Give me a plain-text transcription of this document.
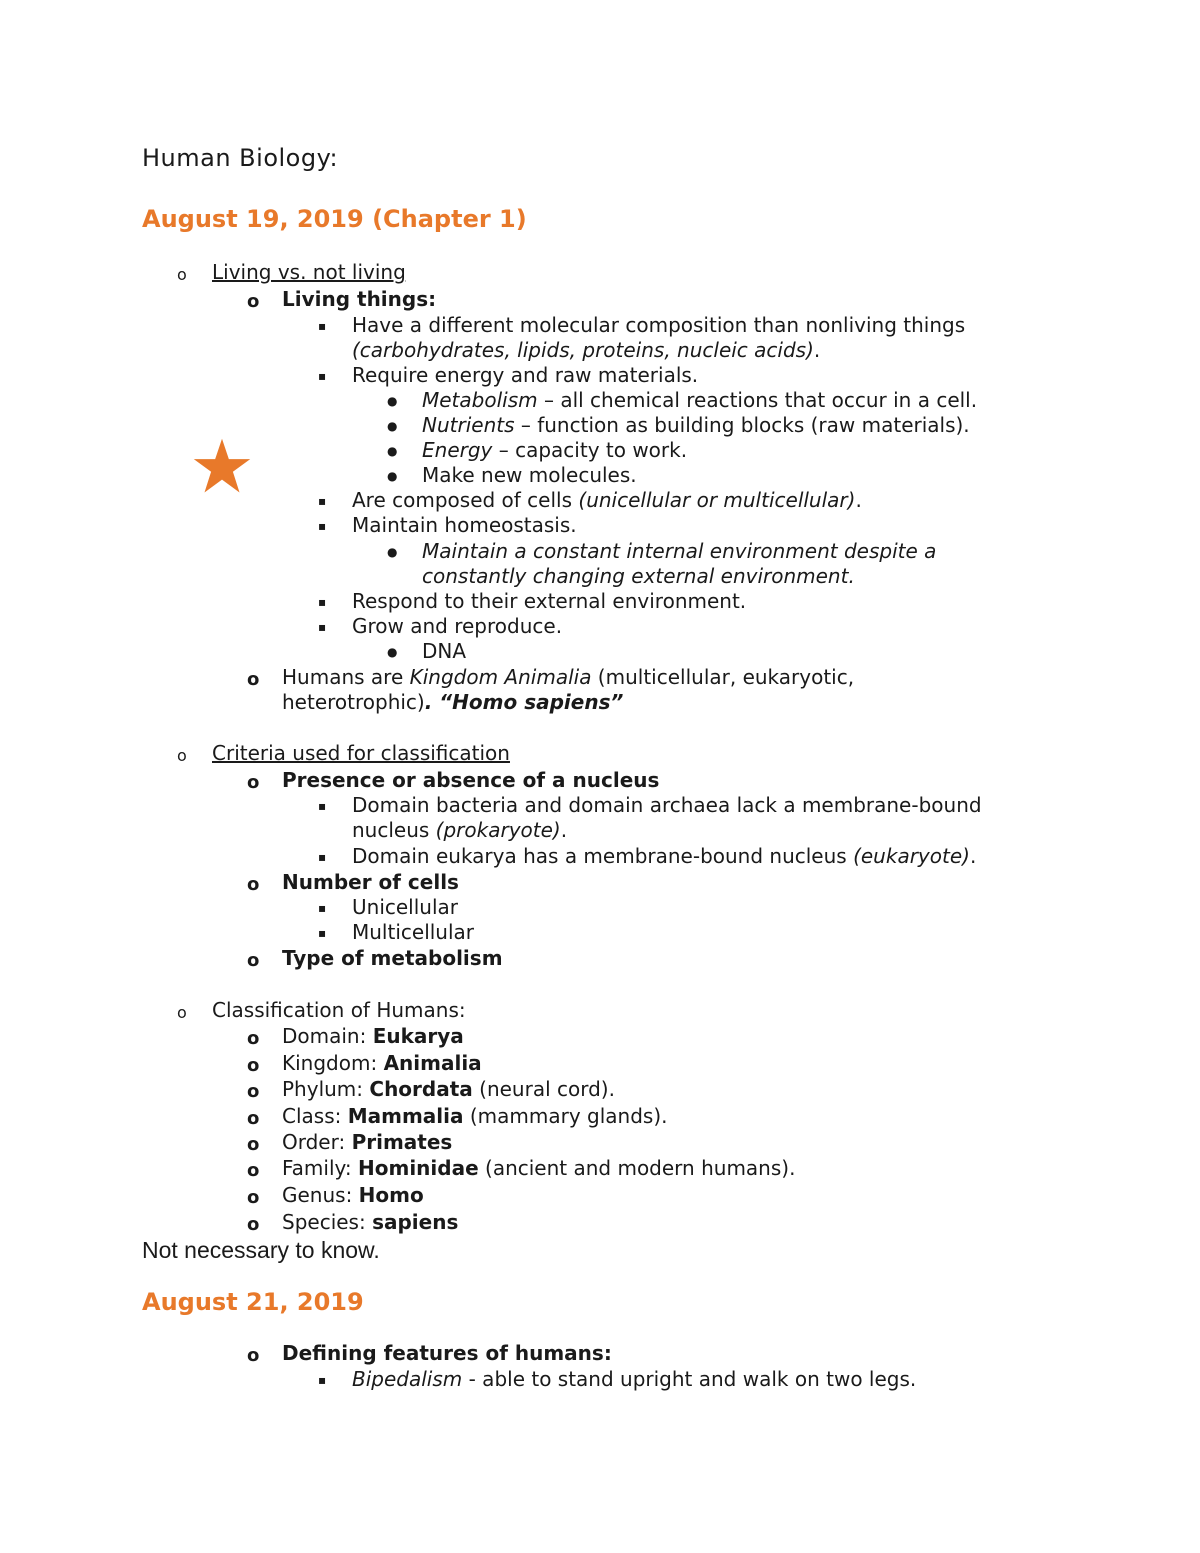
Human Biology:
August 19, 2019 (Chapter 1)
o Living vs. not living
o Living things:
▪ Have a different molecular composition than nonliving things
(carbohydrates, lipids, proteins, nucleic acids).
▪ Require energy and raw materials.
● Metabolism – all chemical reactions that occur in a cell.
● Nutrients – function as building blocks (raw materials).
● Energy – capacity to work.
● Make new molecules.
▪ Are composed of cells (unicellular or multicellular).
▪ Maintain homeostasis.
● Maintain a constant internal environment despite a
constantly changing external environment.
▪ Respond to their external environment.
▪ Grow and reproduce.
● DNA
o Humans are Kingdom Animalia (multicellular, eukaryotic,
heterotrophic). “Homo sapiens”
o Criteria used for classification
o Presence or absence of a nucleus
▪ Domain bacteria and domain archaea lack a membrane-bound
nucleus (prokaryote).
▪ Domain eukarya has a membrane-bound nucleus (eukaryote).
o Number of cells
▪ Unicellular
▪ Multicellular
o Type of metabolism
o Classification of Humans:
o Domain: Eukarya
o Kingdom: Animalia
o Phylum: Chordata (neural cord).
o Class: Mammalia (mammary glands).
o Order: Primates
o Family: Hominidae (ancient and modern humans).
o Genus: Homo
o Species: sapiens
Not necessary to know.
August 21, 2019
o Defining features of humans:
▪ Bipedalism - able to stand upright and walk on two legs.
